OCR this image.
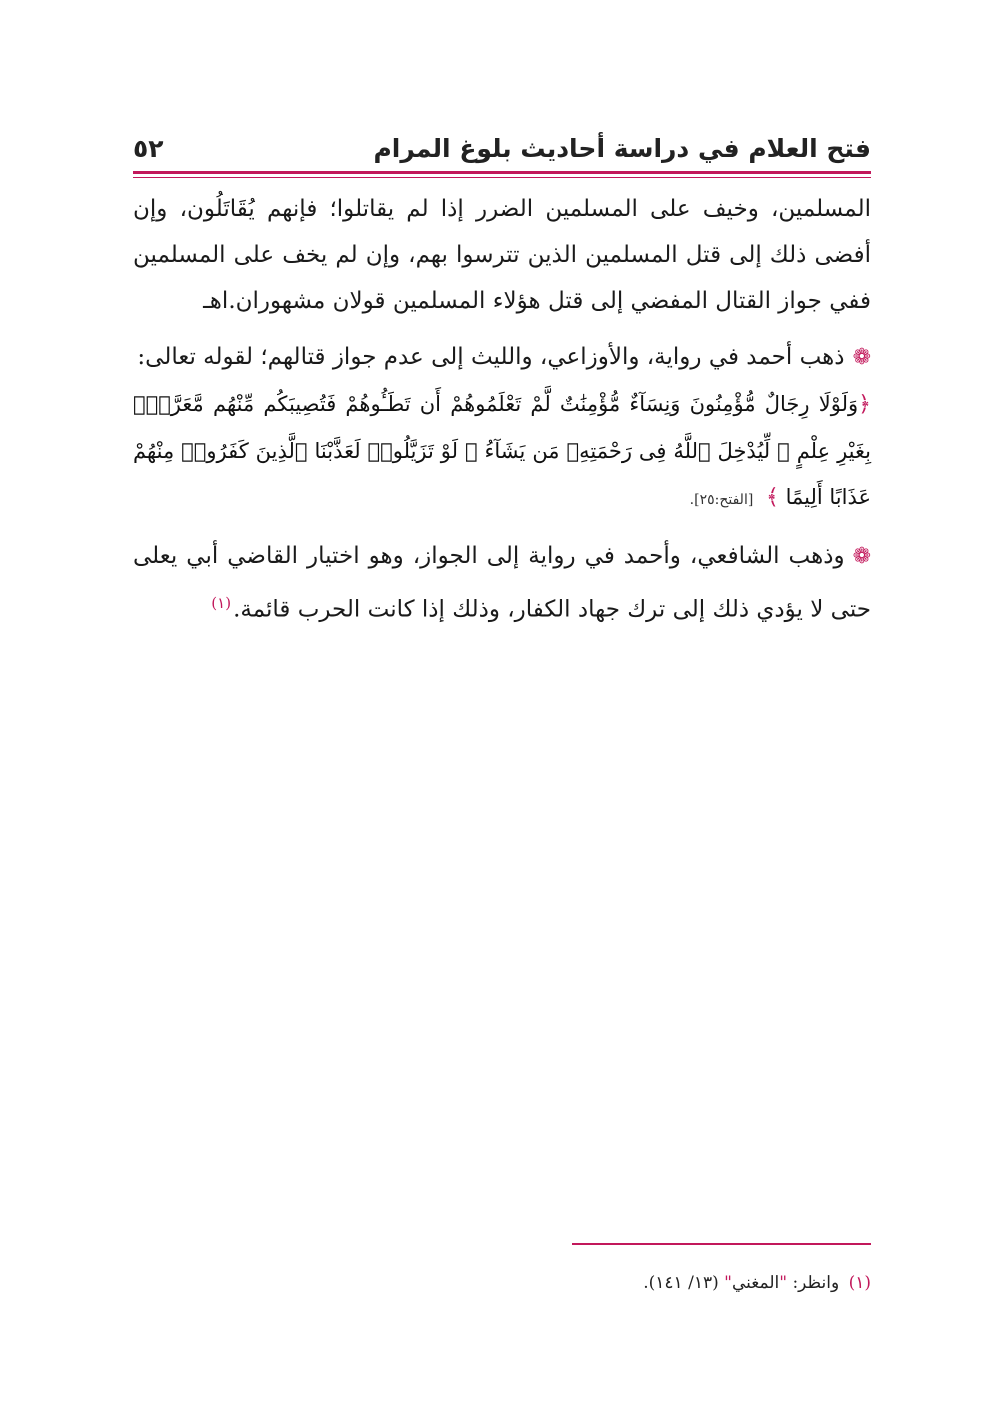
فتح العلام في دراسة أحاديث بلوغ المرام
٥٢

المسلمين، وخيف على المسلمين الضرر إذا لم يقاتلوا؛ فإنهم يُقَاتَلُون، وإن أفضى ذلك إلى قتل المسلمين الذين تترسوا بهم، وإن لم يخف على المسلمين ففي جواز القتال المفضي إلى قتل هؤلاء المسلمين قولان مشهوران.اهـ

❁ذهب أحمد في رواية، والأوزاعي، والليث إلى عدم جواز قتالهم؛ لقوله تعالى:

﴿وَلَوْلَا رِجَالٌ مُّؤْمِنُونَ وَنِسَآءٌ مُّؤْمِنَٰتٌ لَّمْ تَعْلَمُوهُمْ أَن تَطَـُٔوهُمْ فَتُصِيبَكُم مِّنْهُم مَّعَرَّةٌۢ بِغَيْرِ عِلْمٍ ۖ لِّيُدْخِلَ ٱللَّهُ فِى رَحْمَتِهِۦ مَن يَشَآءُ ۚ لَوْ تَزَيَّلُوا۟ لَعَذَّبْنَا ٱلَّذِينَ كَفَرُوا۟ مِنْهُمْ عَذَابًا أَلِيمًا ﴾ [الفتح:٢٥].

❁وذهب الشافعي، وأحمد في رواية إلى الجواز، وهو اختيار القاضي أبي يعلى حتى لا يؤدي ذلك إلى ترك جهاد الكفار، وذلك إذا كانت الحرب قائمة.$^{(١)}$

(١) وانظر: "المغني" (١٣/ ١٤١).
